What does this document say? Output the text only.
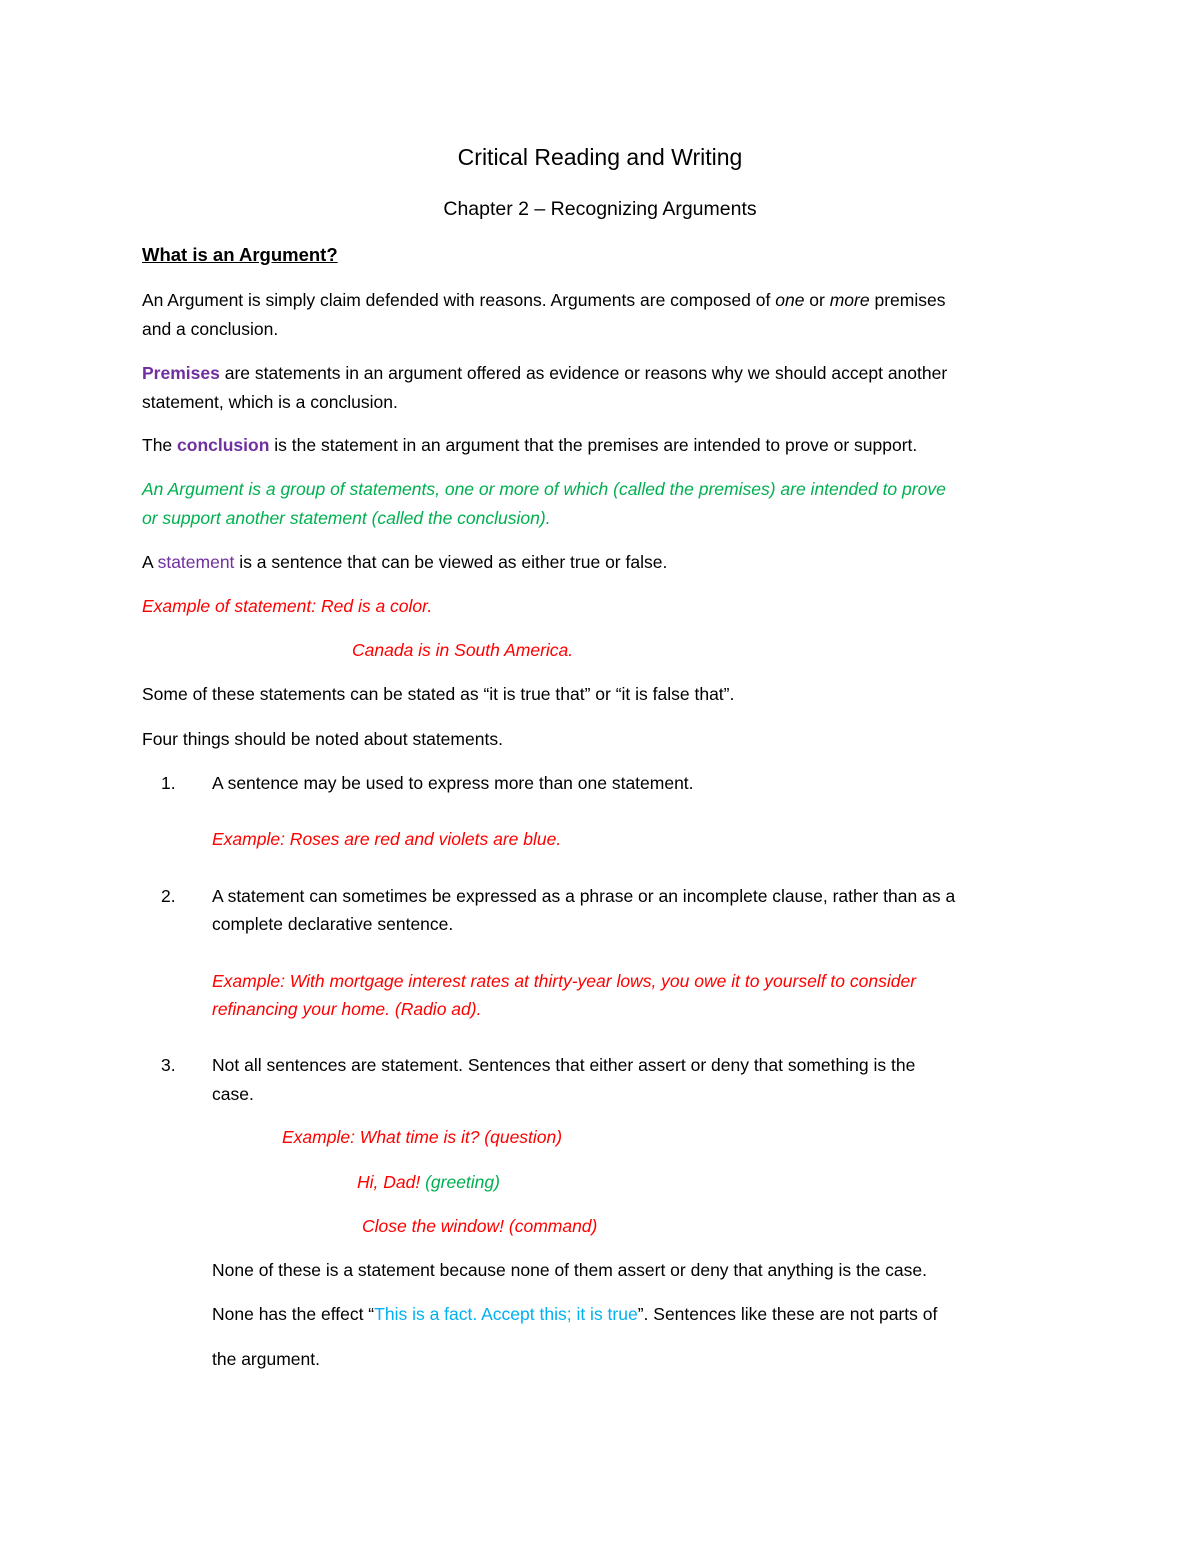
Critical Reading and Writing
Chapter 2 – Recognizing Arguments
What is an Argument?
An Argument is simply claim defended with reasons. Arguments are composed of one or more premises
and a conclusion.
Premises are statements in an argument offered as evidence or reasons why we should accept another
statement, which is a conclusion.
The conclusion is the statement in an argument that the premises are intended to prove or support.
An Argument is a group of statements, one or more of which (called the premises) are intended to prove
or support another statement (called the conclusion).
A statement is a sentence that can be viewed as either true or false.
Example of statement: Red is a color.
Canada is in South America.
Some of these statements can be stated as “it is true that” or “it is false that”.
Four things should be noted about statements.
1. A sentence may be used to express more than one statement.
Example: Roses are red and violets are blue.
2. A statement can sometimes be expressed as a phrase or an incomplete clause, rather than as a
complete declarative sentence.
Example: With mortgage interest rates at thirty-year lows, you owe it to yourself to consider
refinancing your home. (Radio ad).
3. Not all sentences are statement. Sentences that either assert or deny that something is the
case.
Example: What time is it? (question)
Hi, Dad! (greeting)
Close the window! (command)
None of these is a statement because none of them assert or deny that anything is the case.
None has the effect “This is a fact. Accept this; it is true”. Sentences like these are not parts of
the argument.
